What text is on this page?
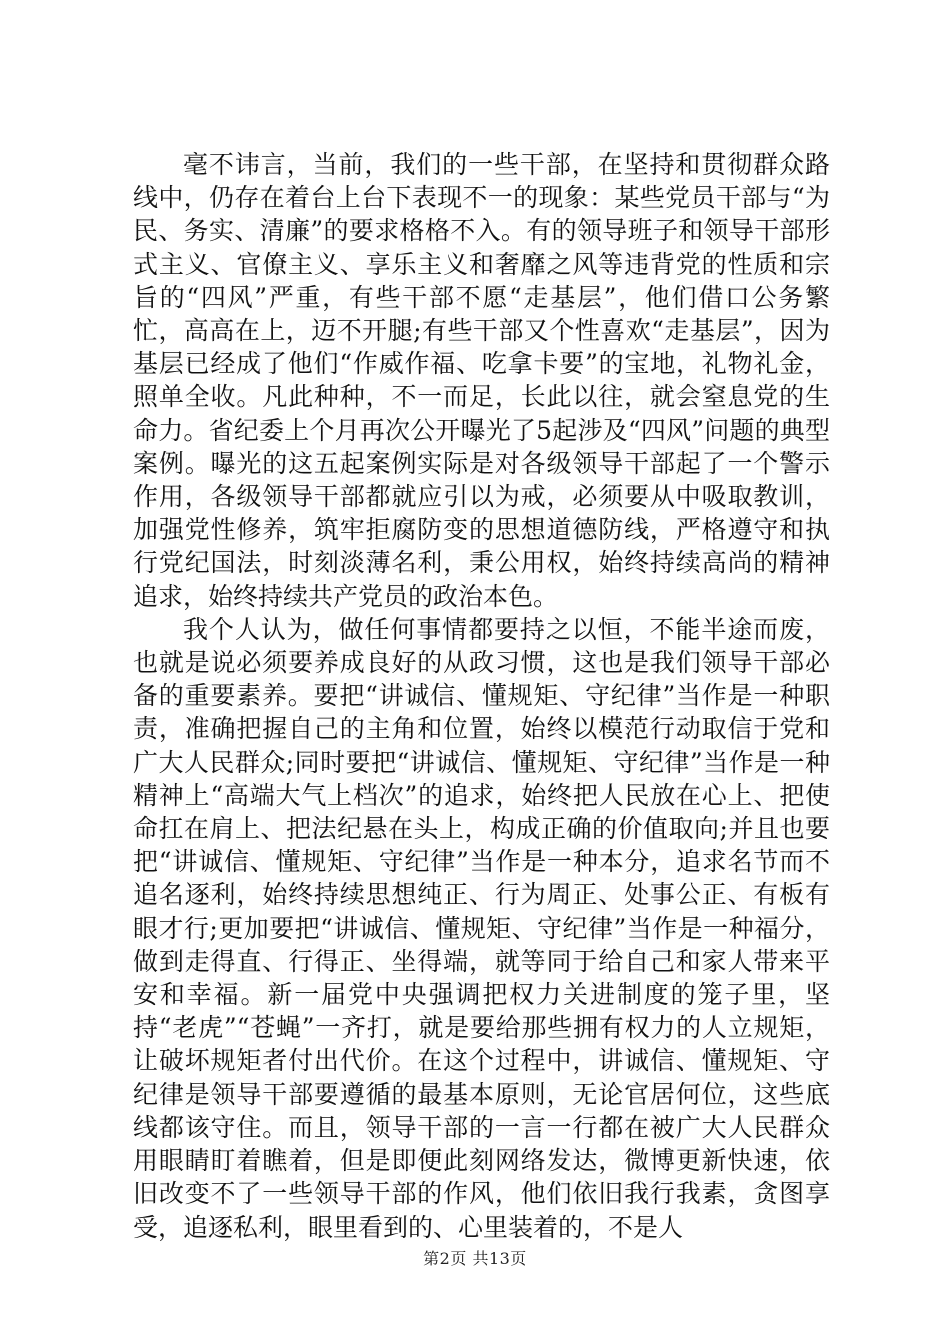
毫不讳言，当前，我们的一些干部，在坚持和贯彻群众路线中，仍存在着台上台下表现不一的现象：某些党员干部与“为民、务实、清廉”的要求格格不入。有的领导班子和领导干部形式主义、官僚主义、享乐主义和奢靡之风等违背党的性质和宗旨的“四风”严重，有些干部不愿“走基层”，他们借口公务繁忙，高高在上，迈不开腿;有些干部又个性喜欢“走基层”，因为基层已经成了他们“作威作福、吃拿卡要”的宝地，礼物礼金，照单全收。凡此种种，不一而足，长此以往，就会窒息党的生命力。省纪委上个月再次公开曝光了5起涉及“四风”问题的典型案例。曝光的这五起案例实际是对各级领导干部起了一个警示作用，各级领导干部都就应引以为戒，必须要从中吸取教训，加强党性修养，筑牢拒腐防变的思想道德防线，严格遵守和执行党纪国法，时刻淡薄名利，秉公用权，始终持续高尚的精神追求，始终持续共产党员的政治本色。

我个人认为，做任何事情都要持之以恒，不能半途而废，也就是说必须要养成良好的从政习惯，这也是我们领导干部必备的重要素养。要把“讲诚信、懂规矩、守纪律”当作是一种职责，准确把握自己的主角和位置，始终以模范行动取信于党和广大人民群众;同时要把“讲诚信、懂规矩、守纪律”当作是一种精神上“高端大气上档次”的追求，始终把人民放在心上、把使命扛在肩上、把法纪悬在头上，构成正确的价值取向;并且也要把“讲诚信、懂规矩、守纪律”当作是一种本分，追求名节而不追名逐利，始终持续思想纯正、行为周正、处事公正、有板有眼才行;更加要把“讲诚信、懂规矩、守纪律”当作是一种福分，做到走得直、行得正、坐得端，就等同于给自己和家人带来平安和幸福。新一届党中央强调把权力关进制度的笼子里，坚持“老虎”“苍蝇”一齐打，就是要给那些拥有权力的人立规矩，让破坏规矩者付出代价。在这个过程中，讲诚信、懂规矩、守纪律是领导干部要遵循的最基本原则，无论官居何位，这些底线都该守住。而且，领导干部的一言一行都在被广大人民群众用眼睛盯着瞧着，但是即便此刻网络发达，微博更新快速，依旧改变不了一些领导干部的作风，他们依旧我行我素，贪图享受，追逐私利，眼里看到的、心里装着的，不是人

第2页 共13页
